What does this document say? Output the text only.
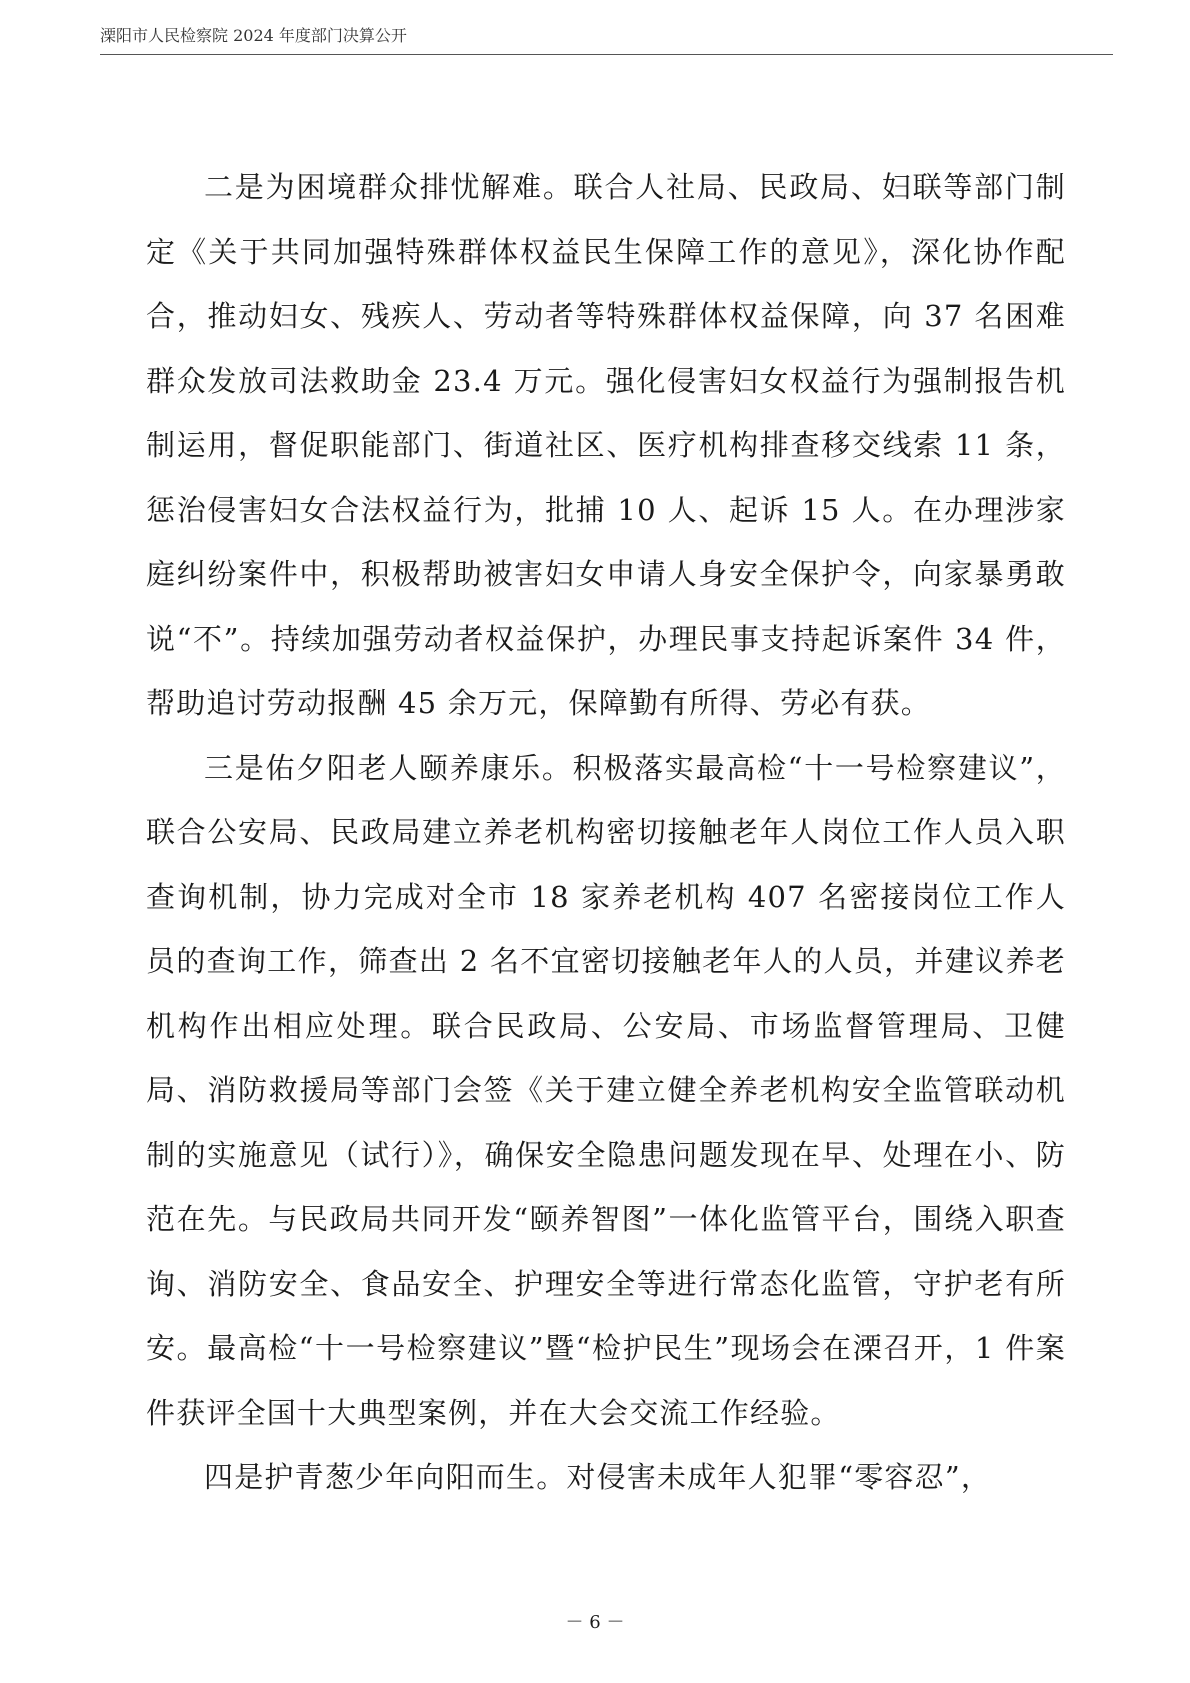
溧阳市人民检察院 2024 年度部门决算公开

二是为困境群众排忧解难。联合人社局、民政局、妇联等部门制定《关于共同加强特殊群体权益民生保障工作的意见》，深化协作配合，推动妇女、残疾人、劳动者等特殊群体权益保障，向 37 名困难群众发放司法救助金 23.4 万元。强化侵害妇女权益行为强制报告机制运用，督促职能部门、街道社区、医疗机构排查移交线索 11 条，惩治侵害妇女合法权益行为，批捕 10 人、起诉 15 人。在办理涉家庭纠纷案件中，积极帮助被害妇女申请人身安全保护令，向家暴勇敢说“不”。持续加强劳动者权益保护，办理民事支持起诉案件 34 件，帮助追讨劳动报酬 45 余万元，保障勤有所得、劳必有获。

三是佑夕阳老人颐养康乐。积极落实最高检“十一号检察建议”，联合公安局、民政局建立养老机构密切接触老年人岗位工作人员入职查询机制，协力完成对全市 18 家养老机构 407 名密接岗位工作人员的查询工作，筛查出 2 名不宜密切接触老年人的人员，并建议养老机构作出相应处理。联合民政局、公安局、市场监督管理局、卫健局、消防救援局等部门会签《关于建立健全养老机构安全监管联动机制的实施意见（试行）》，确保安全隐患问题发现在早、处理在小、防范在先。与民政局共同开发“颐养智图”一体化监管平台，围绕入职查询、消防安全、食品安全、护理安全等进行常态化监管，守护老有所安。最高检“十一号检察建议”暨“检护民生”现场会在溧召开，1 件案件获评全国十大典型案例，并在大会交流工作经验。

四是护青葱少年向阳而生。对侵害未成年人犯罪“零容忍”，

－ 6 －
